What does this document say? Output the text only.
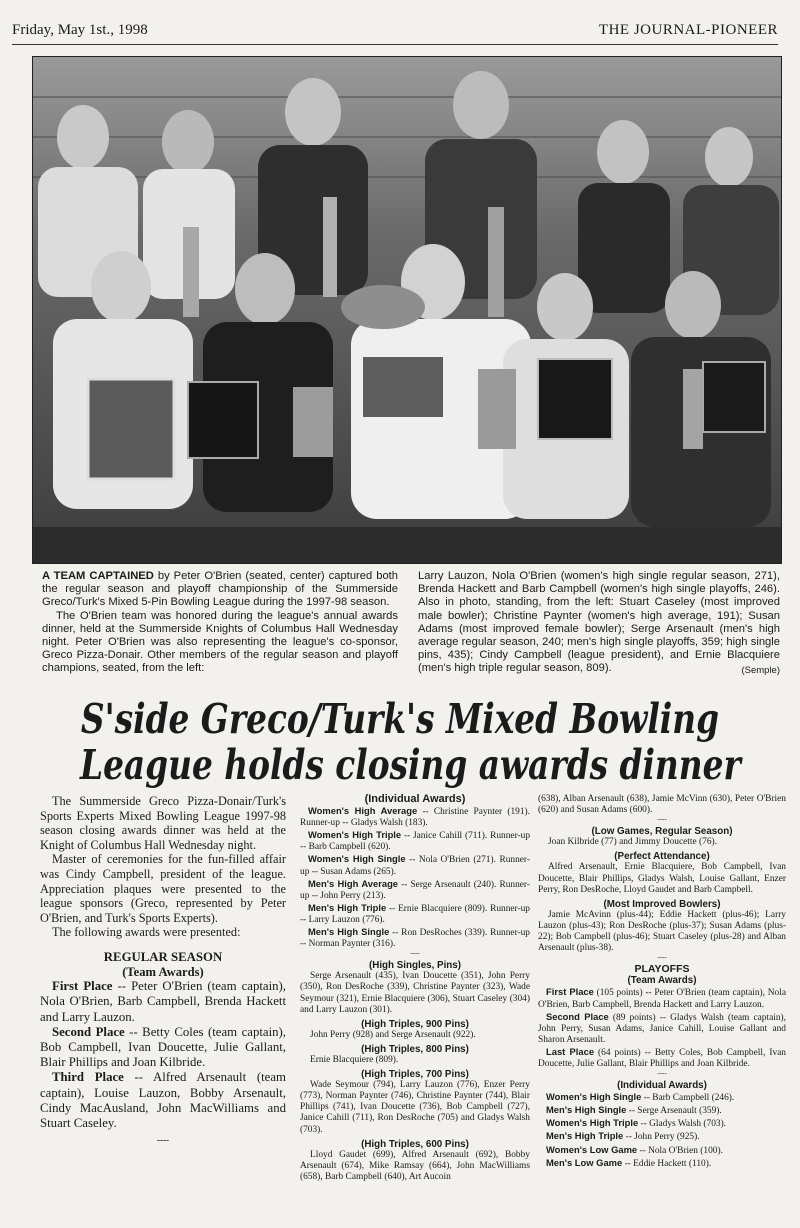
Friday, May 1st., 1998	THE JOURNAL-PIONEER

A TEAM CAPTAINED by Peter O'Brien (seated, center) captured both the regular season and playoff championship of the Summerside Greco/Turk's Mixed 5-Pin Bowling League during the 1997-98 season.

The O'Brien team was honored during the league's annual awards dinner, held at the Summerside Knights of Columbus Hall Wednesday night. Peter O'Brien was also representing the league's co-sponsor, Greco Pizza-Donair. Other members of the regular season and playoff champions, seated, from the left:

Larry Lauzon, Nola O'Brien (women's high single regular season, 271), Brenda Hackett and Barb Campbell (women's high single playoffs, 246). Also in photo, standing, from the left: Stuart Caseley (most improved male bowler); Christine Paynter (women's high average, 191); Susan Adams (most improved female bowler); Serge Arsenault (men's high average regular season, 240; men's high single playoffs, 359; high single pins, 435); Cindy Campbell (league president), and Ernie Blacquiere (men's high triple regular season, 809).	(Semple)

S'side Greco/Turk's Mixed Bowling
League holds closing awards dinner

The Summerside Greco Pizza-Donair/Turk's Sports Experts Mixed Bowling League 1997-98 season closing awards dinner was held at the Knight of Columbus Hall Wednesday night.

Master of ceremonies for the fun-filled affair was Cindy Campbell, president of the league. Appreciation plaques were presented to the league sponsors (Greco, represented by Peter O'Brien, and Turk's Sports Experts).

The following awards were presented:

REGULAR SEASON
(Team Awards)

First Place -- Peter O'Brien (team captain), Nola O'Brien, Barb Campbell, Brenda Hackett and Larry Lauzon.

Second Place -- Betty Coles (team captain), Bob Campbell, Ivan Doucette, Julie Gallant, Blair Phillips and Joan Kilbride.

Third Place -- Alfred Arsenault (team captain), Louise Lauzon, Bobby Arsenault, Cindy MacAusland, John MacWilliams and Stuart Caseley.

----
(Individual Awards)

Women's High Average -- Christine Paynter (191). Runner-up -- Gladys Walsh (183).

Women's High Triple -- Janice Cahill (711). Runner-up -- Barb Campbell (620).

Women's High Single -- Nola O'Brien (271). Runner-up -- Susan Adams (265).

Men's High Average -- Serge Arsenault (240). Runner-up -- John Perry (213).

Men's High Triple -- Ernie Blacquiere (809). Runner-up -- Larry Lauzon (776).

Men's High Single -- Ron DesRoches (339). Runner-up -- Norman Paynter (316).

----
(High Singles, Pins)

Serge Arsenault (435), Ivan Doucette (351), John Perry (350), Ron DesRoche (339), Christine Paynter (323), Wade Seymour (321), Ernie Blacquiere (306), Stuart Caseley (304) and Larry Lauzon (301).

(High Triples, 900 Pins)

John Perry (928) and Serge Arsenault (922).

(High Triples, 800 Pins)

Ernie Blacquiere (809).

(High Triples, 700 Pins)

Wade Seymour (794), Larry Lauzon (776), Enzer Perry (773), Norman Paynter (746), Christine Paynter (744), Blair Phillips (741), Ivan Doucette (736), Bob Campbell (727), Janice Cahill (711), Ron DesRoche (705) and Gladys Walsh (703).

(High Triples, 600 Pins)

Lloyd Gaudet (699), Alfred Arsenault (692), Bobby Arsenault (674), Mike Ramsay (664), John MacWilliams (658), Barb Campbell (640), Art Aucoin

(638), Alban Arsenault (638), Jamie McVinn (630), Peter O'Brien (620) and Susan Adams (600).

----
(Low Games, Regular Season)

Joan Kilbride (77) and Jimmy Doucette (76).

(Perfect Attendance)

Alfred Arsenault, Ernie Blacquiere, Bob Campbell, Ivan Doucette, Blair Phillips, Gladys Walsh, Louise Gallant, Enzer Perry, Ron DesRoche, Lloyd Gaudet and Barb Campbell.

(Most Improved Bowlers)

Jamie McAvinn (plus-44); Eddie Hackett (plus-46); Larry Lauzon (plus-43); Ron DesRoche (plus-37); Susan Adams (plus-22); Bob Campbell (plus-46); Stuart Caseley (plus-28) and Alban Arsenault (plus-38).

----
PLAYOFFS
(Team Awards)

First Place (105 points) -- Peter O'Brien (team captain), Nola O'Brien, Barb Campbell, Brenda Hackett and Larry Lauzon.

Second Place (89 points) -- Gladys Walsh (team captain), John Perry, Susan Adams, Janice Cahill, Louise Gallant and Sharon Arsenault.

Last Place (64 points) -- Betty Coles, Bob Campbell, Ivan Doucette, Julie Gallant, Blair Phillips and Joan Kilbride.

----
(Individual Awards)

Women's High Single -- Barb Campbell (246).

Men's High Single -- Serge Arsenault (359).

Women's High Triple -- Gladys Walsh (703).

Men's High Triple -- John Perry (925).

Women's Low Game -- Nola O'Brien (100).

Men's Low Game -- Eddie Hackett (110).
